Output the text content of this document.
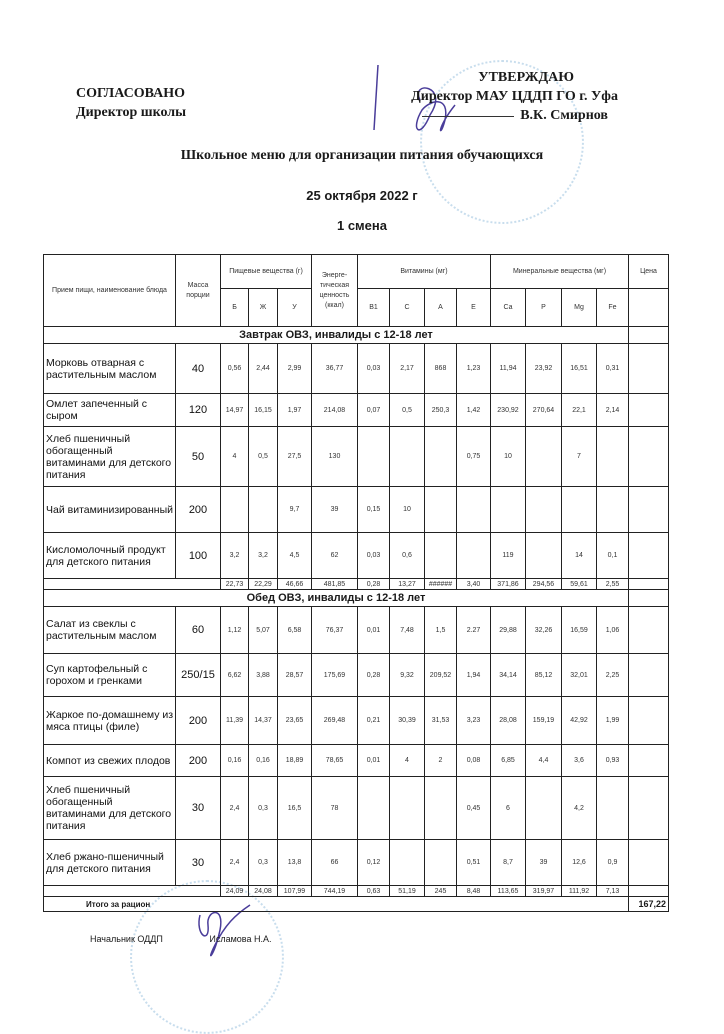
СОГЛАСОВАНО
Директор школы
УТВЕРЖДАЮ
Директор МАУ ЦДДП ГО г. Уфа
В.К. Смирнов
Школьное меню для организации питания обучающихся
25 октября 2022 г
1 смена
Прием пищи, наименование блюда	Масса порции	Пищевые вещества (г)			Энерге-тическая ценность (ккал)	Витамины (мг)				Минеральные вещества (мг)				Цена
		Б	Ж	У		В1	С	А	Е	Ca	P	Mg	Fe	
Завтрак ОВЗ, инвалиды с 12-18 лет														
Морковь отварная с растительным маслом	40	0,56	2,44	2,99	36,77	0,03	2,17	868	1,23	11,94	23,92	16,51	0,31	
Омлет запеченный с сыром	120	14,97	16,15	1,97	214,08	0,07	0,5	250,3	1,42	230,92	270,64	22,1	2,14	
Хлеб пшеничный обогащенный витаминами для детского питания	50	4	0,5	27,5	130				0,75	10		7		
Чай витаминизированный	200			9,7	39	0,15	10							
Кисломолочный продукт для детского питания	100	3,2	3,2	4,5	62	0,03	0,6			119		14	0,1	
		22,73	22,29	46,66	481,85	0,28	13,27	######	3,40	371,86	294,56	59,61	2,55	
Обед ОВЗ, инвалиды с 12-18 лет														
Салат из свеклы с растительным маслом	60	1,12	5,07	6,58	76,37	0,01	7,48	1,5	2.27	29,88	32,26	16,59	1,06	
Суп картофельный с горохом и гренками	250/15	6,62	3,88	28,57	175,69	0,28	9,32	209,52	1,94	34,14	85,12	32,01	2,25	
Жаркое по-домашнему из мяса птицы (филе)	200	11,39	14,37	23,65	269,48	0,21	30,39	31,53	3,23	28,08	159,19	42,92	1,99	
Компот из свежих плодов	200	0,16	0,16	18,89	78,65	0,01	4	2	0,08	6,85	4,4	3,6	0,93	
Хлеб пшеничный обогащенный витаминами для детского питания	30	2,4	0,3	16,5	78				0,45	6		4,2		
Хлеб ржано-пшеничный для детского питания	30	2,4	0,3	13,8	66	0,12			0,51	8,7	39	12,6	0,9	
		24,09	24,08	107,99	744,19	0,63	51,19	245	8,48	113,65	319,97	111,92	7,13	
Итого за рацион														167,22
Начальник ОДДП	Исламова Н.А.
